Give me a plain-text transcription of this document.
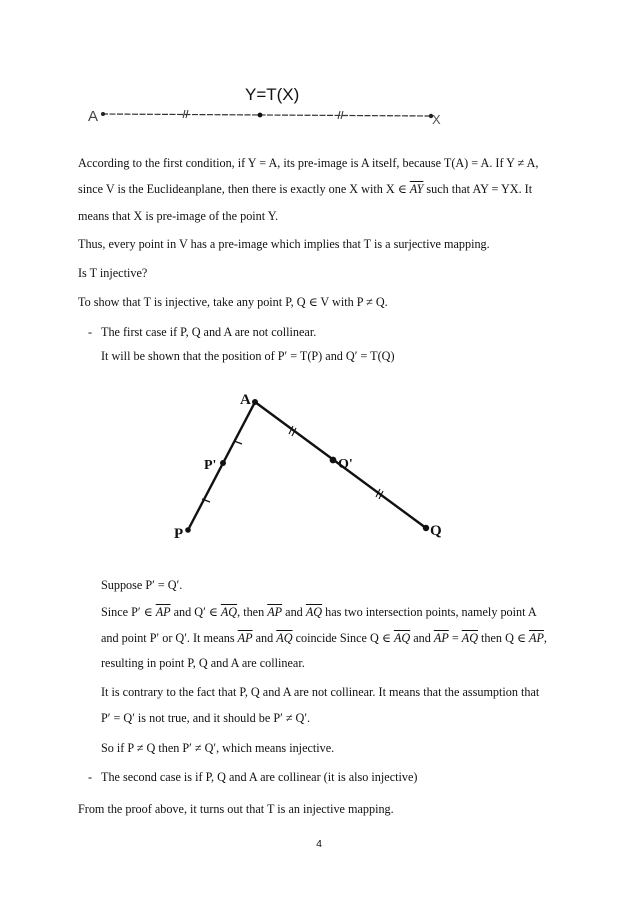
Y=T(X)
A	X
According to the first condition, if Y = A, its pre-image is A itself, because T(A) = A. If Y ≠ A,
since V is the Euclideanplane, then there is exactly one X with X ∈ $\overline{AY}$ such that AY = YX. It
means that X is pre-image of the point Y.
Thus, every point in V has a pre-image which implies that T is a surjective mapping.
Is T injective?
To show that T is injective, take any point P, Q ∈ V with P ≠ Q.
- The first case if P, Q and A are not collinear.
It will be shown that the position of P′ = T(P) and Q′ = T(Q)
A
P'	Q'
Q
P
Suppose P′ = Q′.
Since P′ ∈ $\overline{AP}$ and Q′ ∈ $\overline{AQ}$, then $\overline{AP}$ and $\overline{AQ}$ has two intersection points, namely point A
and point P′ or Q′. It means $\overline{AP}$ and $\overline{AQ}$ coincide Since Q ∈ $\overline{AQ}$ and $\overline{AP} = \overline{AQ}$ then Q ∈ $\overline{AP}$,
resulting in point P, Q and A are collinear.
It is contrary to the fact that P, Q and A are not collinear. It means that the assumption that
P′ = Q′ is not true, and it should be P′ ≠ Q′.
So if P ≠ Q then P′ ≠ Q′, which means injective.
- The second case is if P, Q and A are collinear (it is also injective)
From the proof above, it turns out that T is an injective mapping.
4
